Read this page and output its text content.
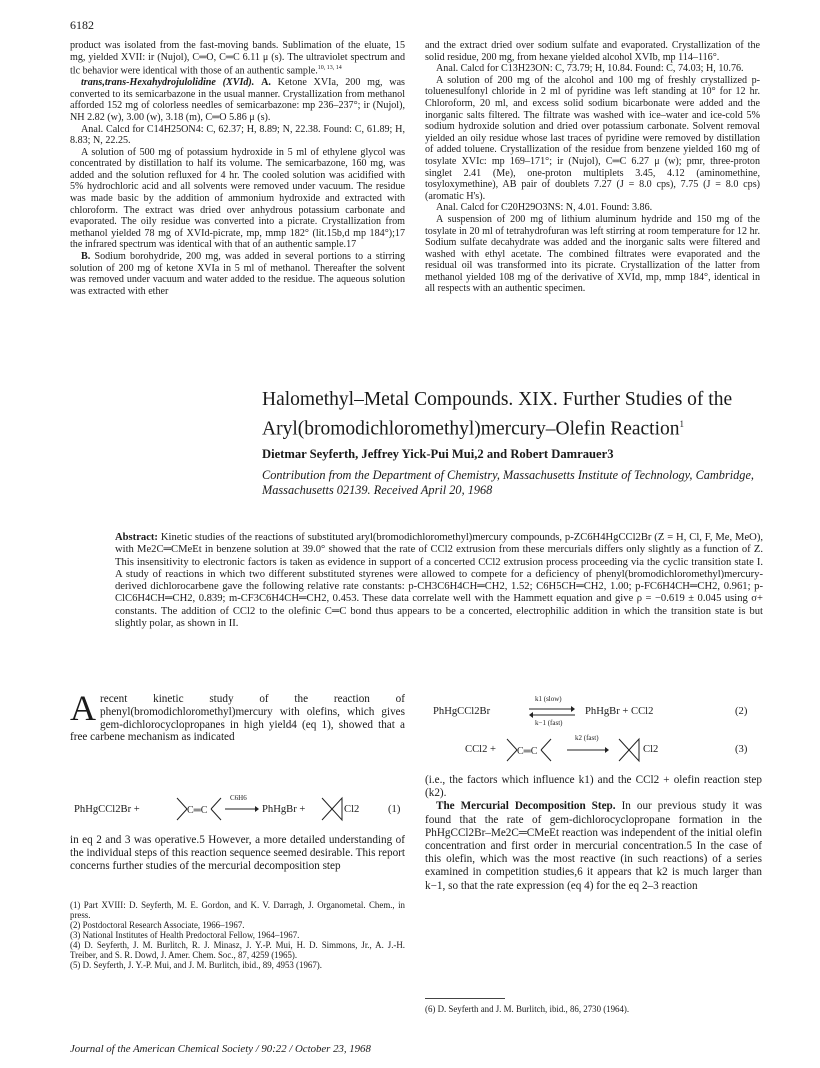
6182

product was isolated from the fast-moving bands. Sublimation of the eluate, 15 mg, yielded XVII: ir (Nujol), C═O, C═C 6.11 μ (s). The ultraviolet spectrum and tlc behavior were identical with those of an authentic sample.$^{10, 13, 14}$

trans,trans-Hexahydrojulolidine (XVId). A. Ketone XVIa, 200 mg, was converted to its semicarbazone in the usual manner. Crystallization from methanol afforded 152 mg of colorless needles of semicarbazone: mp 236–237°; ir (Nujol), NH 2.82 (w), 3.00 (w), 3.18 (m), C═O 5.86 μ (s).

Anal. Calcd for C14H25ON4: C, 62.37; H, 8.89; N, 22.38. Found: C, 61.89; H, 8.83; N, 22.25.

A solution of 500 mg of potassium hydroxide in 5 ml of ethylene glycol was concentrated by distillation to half its volume. The semicarbazone, 160 mg, was added and the solution refluxed for 4 hr. The cooled solution was acidified with 5% hydrochloric acid and all solvents were removed under vacuum. The residue was made basic by the addition of ammonium hydroxide and extracted with chloroform. The extract was dried over anhydrous potassium carbonate and evaporated. The oily residue was converted into a picrate. Crystallization from methanol yielded 78 mg of XVId-picrate, mp, mmp 182° (lit.15b,d mp 184°);17 the infrared spectrum was identical with that of an authentic sample.17

B. Sodium borohydride, 200 mg, was added in several portions to a stirring solution of 200 mg of ketone XVIa in 5 ml of methanol. Thereafter the solvent was removed under vacuum and water added to the residue. The aqueous solution was extracted with ether

and the extract dried over sodium sulfate and evaporated. Crystallization of the solid residue, 200 mg, from hexane yielded alcohol XVIb, mp 114–116°.

Anal. Calcd for C13H23ON: C, 73.79; H, 10.84. Found: C, 74.03; H, 10.76.

A solution of 200 mg of the alcohol and 100 mg of freshly crystallized p-toluenesulfonyl chloride in 2 ml of pyridine was left standing at 10° for 12 hr. Chloroform, 20 ml, and excess solid sodium bicarbonate were added and the inorganic salts filtered. The filtrate was washed with ice–water and ice-cold 5% sodium hydroxide solution and dried over potassium carbonate. Solvent removal yielded an oily residue whose last traces of pyridine were removed by distillation of added toluene. Crystallization of the residue from benzene yielded 160 mg of tosylate XVIc: mp 169–171°; ir (Nujol), C═C 6.27 μ (w); pmr, three-proton singlet 2.41 (Me), one-proton multiplets 3.45, 4.12 (aminomethine, tosyloxymethine), AB pair of doublets 7.27 (J = 8.0 cps), 7.75 (J = 8.0 cps) (aromatic H's).

Anal. Calcd for C20H29O3NS: N, 4.01. Found: 3.86.

A suspension of 200 mg of lithium aluminum hydride and 150 mg of the tosylate in 20 ml of tetrahydrofuran was left stirring at room temperature for 12 hr. Sodium sulfate decahydrate was added and the inorganic salts were filtered and washed with ethyl acetate. The combined filtrates were evaporated and the residual oil was transformed into its picrate. Crystallization of the latter from methanol yielded 108 mg of the derivative of XVId, mp, mmp 184°, identical in all respects with an authentic specimen.

Halomethyl–Metal Compounds. XIX. Further Studies of the Aryl(bromodichloromethyl)mercury–Olefin Reaction$^1$
Dietmar Seyferth, Jeffrey Yick-Pui Mui,2 and Robert Damrauer3
Contribution from the Department of Chemistry, Massachusetts Institute of Technology, Cambridge, Massachusetts 02139. Received April 20, 1968
Abstract: Kinetic studies of the reactions of substituted aryl(bromodichloromethyl)mercury compounds, p-ZC6H4HgCCl2Br (Z = H, Cl, F, Me, MeO), with Me2C═CMeEt in benzene solution at 39.0° showed that the rate of CCl2 extrusion from these mercurials differs only slightly as a function of Z. This insensitivity to electronic factors is taken as evidence in support of a concerted CCl2 extrusion process proceeding via the cyclic transition state I. A study of reactions in which two different substituted styrenes were allowed to compete for a deficiency of phenyl(bromodichloromethyl)mercury-derived dichlorocarbene gave the following relative rate constants: p-CH3C6H4CH═CH2, 1.52; C6H5CH═CH2, 1.00; p-FC6H4CH═CH2, 0.961; p-ClC6H4CH═CH2, 0.839; m-CF3C6H4CH═CH2, 0.453. These data correlate well with the Hammett equation and give ρ = −0.619 ± 0.045 using σ+ constants. The addition of CCl2 to the olefinic C═C bond thus appears to be a concerted, electrophilic addition in which the transition state is but slightly polar, as shown in II.
Arecent kinetic study of the reaction of phenyl(bromodichloromethyl)mercury with olefins, which gives gem-dichlorocyclopropanes in high yield4 (eq 1), showed that a free carbene mechanism as indicated
PhHgCCl2Br +	C═C
C6H6
→ PhHgBr +	Cl2	(1)
in eq 2 and 3 was operative.5 However, a more detailed understanding of the individual steps of this reaction sequence seemed desirable. This report concerns further studies of the mercurial decomposition step
(1) Part XVIII: D. Seyferth, M. E. Gordon, and K. V. Darragh, J. Organometal. Chem., in press.
(2) Postdoctoral Research Associate, 1966–1967.
(3) National Institutes of Health Predoctoral Fellow, 1964–1967.
(4) D. Seyferth, J. M. Burlitch, R. J. Minasz, J. Y.-P. Mui, H. D. Simmons, Jr., A. J.-H. Treiber, and S. R. Dowd, J. Amer. Chem. Soc., 87, 4259 (1965).
(5) D. Seyferth, J. Y.-P. Mui, and J. M. Burlitch, ibid., 89, 4953 (1967).
PhHgCCl2Br
k1 (slow)
k−1 (fast)
PhHgBr + CCl2	(2)
CCl2 + C═C
k2 (fast)
Cl2	(3)

(i.e., the factors which influence k1) and the CCl2 + olefin reaction step (k2).

The Mercurial Decomposition Step. In our previous study it was found that the rate of gem-dichlorocyclopropane formation in the PhHgCCl2Br–Me2C═CMeEt reaction was independent of the initial olefin concentration and first order in mercurial concentration.5 In the case of this olefin, which was the most reactive (in such reactions) of a series examined in competition studies,6 it appears that k2 is much larger than k−1, so that the rate expression (eq 4) for the eq 2–3 reaction

(6) D. Seyferth and J. M. Burlitch, ibid., 86, 2730 (1964).
Journal of the American Chemical Society / 90:22 / October 23, 1968
